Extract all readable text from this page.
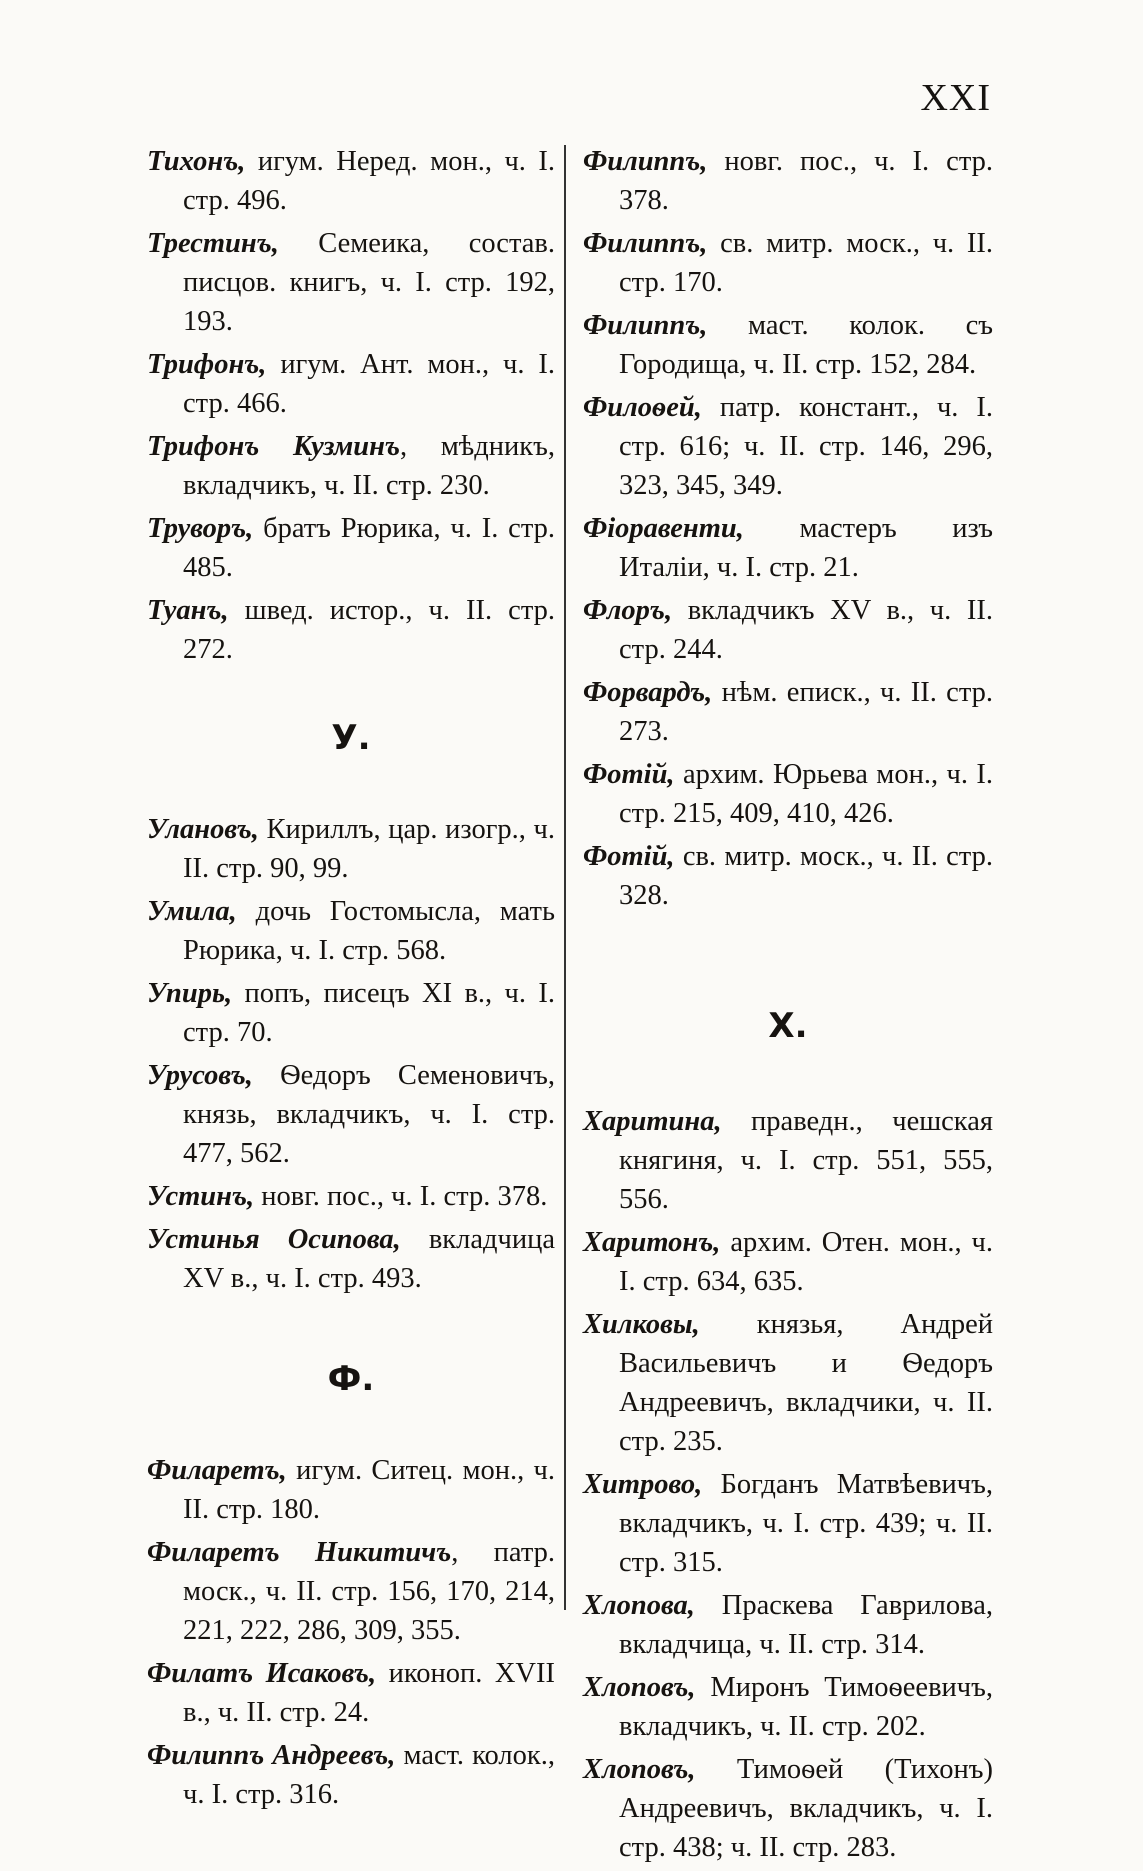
XXI

Тихонъ, игум. Неред. мон., ч. I. стр. 496.

Трестинъ, Семеика, состав. писцов. книгъ, ч. I. стр. 192, 193.

Трифонъ, игум. Ант. мон., ч. I. стр. 466.

Трифонъ Кузминъ, мѣдникъ, вкладчикъ, ч. II. стр. 230.

Труворъ, братъ Рюрика, ч. I. стр. 485.

Туанъ, швед. истор., ч. II. стр. 272.

У.

Улановъ, Кириллъ, цар. изогр., ч. II. стр. 90, 99.

Умила, дочь Гостомысла, мать Рюрика, ч. I. стр. 568.

Упирь, попъ, писецъ XI в., ч. I. стр. 70.

Урусовъ, Ѳедоръ Семеновичъ, князь, вкладчикъ, ч. I. стр. 477, 562.

Устинъ, новг. пос., ч. I. стр. 378.

Устинья Осипова, вкладчица XV в., ч. I. стр. 493.

Ф.

Филаретъ, игум. Ситец. мон., ч. II. стр. 180.

Филаретъ Никитичъ, патр. моск., ч. II. стр. 156, 170, 214, 221, 222, 286, 309, 355.

Филатъ Исаковъ, иконоп. XVII в., ч. II. стр. 24.

Филиппъ Андреевъ, маст. колок., ч. I. стр. 316.

Филиппъ, новг. пос., ч. I. стр. 378.

Филиппъ, св. митр. моск., ч. II. стр. 170.

Филиппъ, маст. колок. съ Городища, ч. II. стр. 152, 284.

Филоѳей, патр. констант., ч. I. стр. 616; ч. II. стр. 146, 296, 323, 345, 349.

Фіоравенти, мастеръ изъ Италіи, ч. I. стр. 21.

Флоръ, вкладчикъ XV в., ч. II. стр. 244.

Форвардъ, нѣм. еписк., ч. II. стр. 273.

Фотій, архим. Юрьева мон., ч. I. стр. 215, 409, 410, 426.

Фотій, св. митр. моск., ч. II. стр. 328.

Х.

Харитина, праведн., чешская княгиня, ч. I. стр. 551, 555, 556.

Харитонъ, архим. Отен. мон., ч. I. стр. 634, 635.

Хилковы, князья, Андрей Васильевичъ и Ѳедоръ Андреевичъ, вкладчики, ч. II. стр. 235.

Хитрово, Богданъ Матвѣевичъ, вкладчикъ, ч. I. стр. 439; ч. II. стр. 315.

Хлопова, Праскева Гаврилова, вкладчица, ч. II. стр. 314.

Хлоповъ, Миронъ Тимоѳеевичъ, вкладчикъ, ч. II. стр. 202.

Хлоповъ, Тимоѳей (Тихонъ) Андреевичъ, вкладчикъ, ч. I. стр. 438; ч. II. стр. 283.
